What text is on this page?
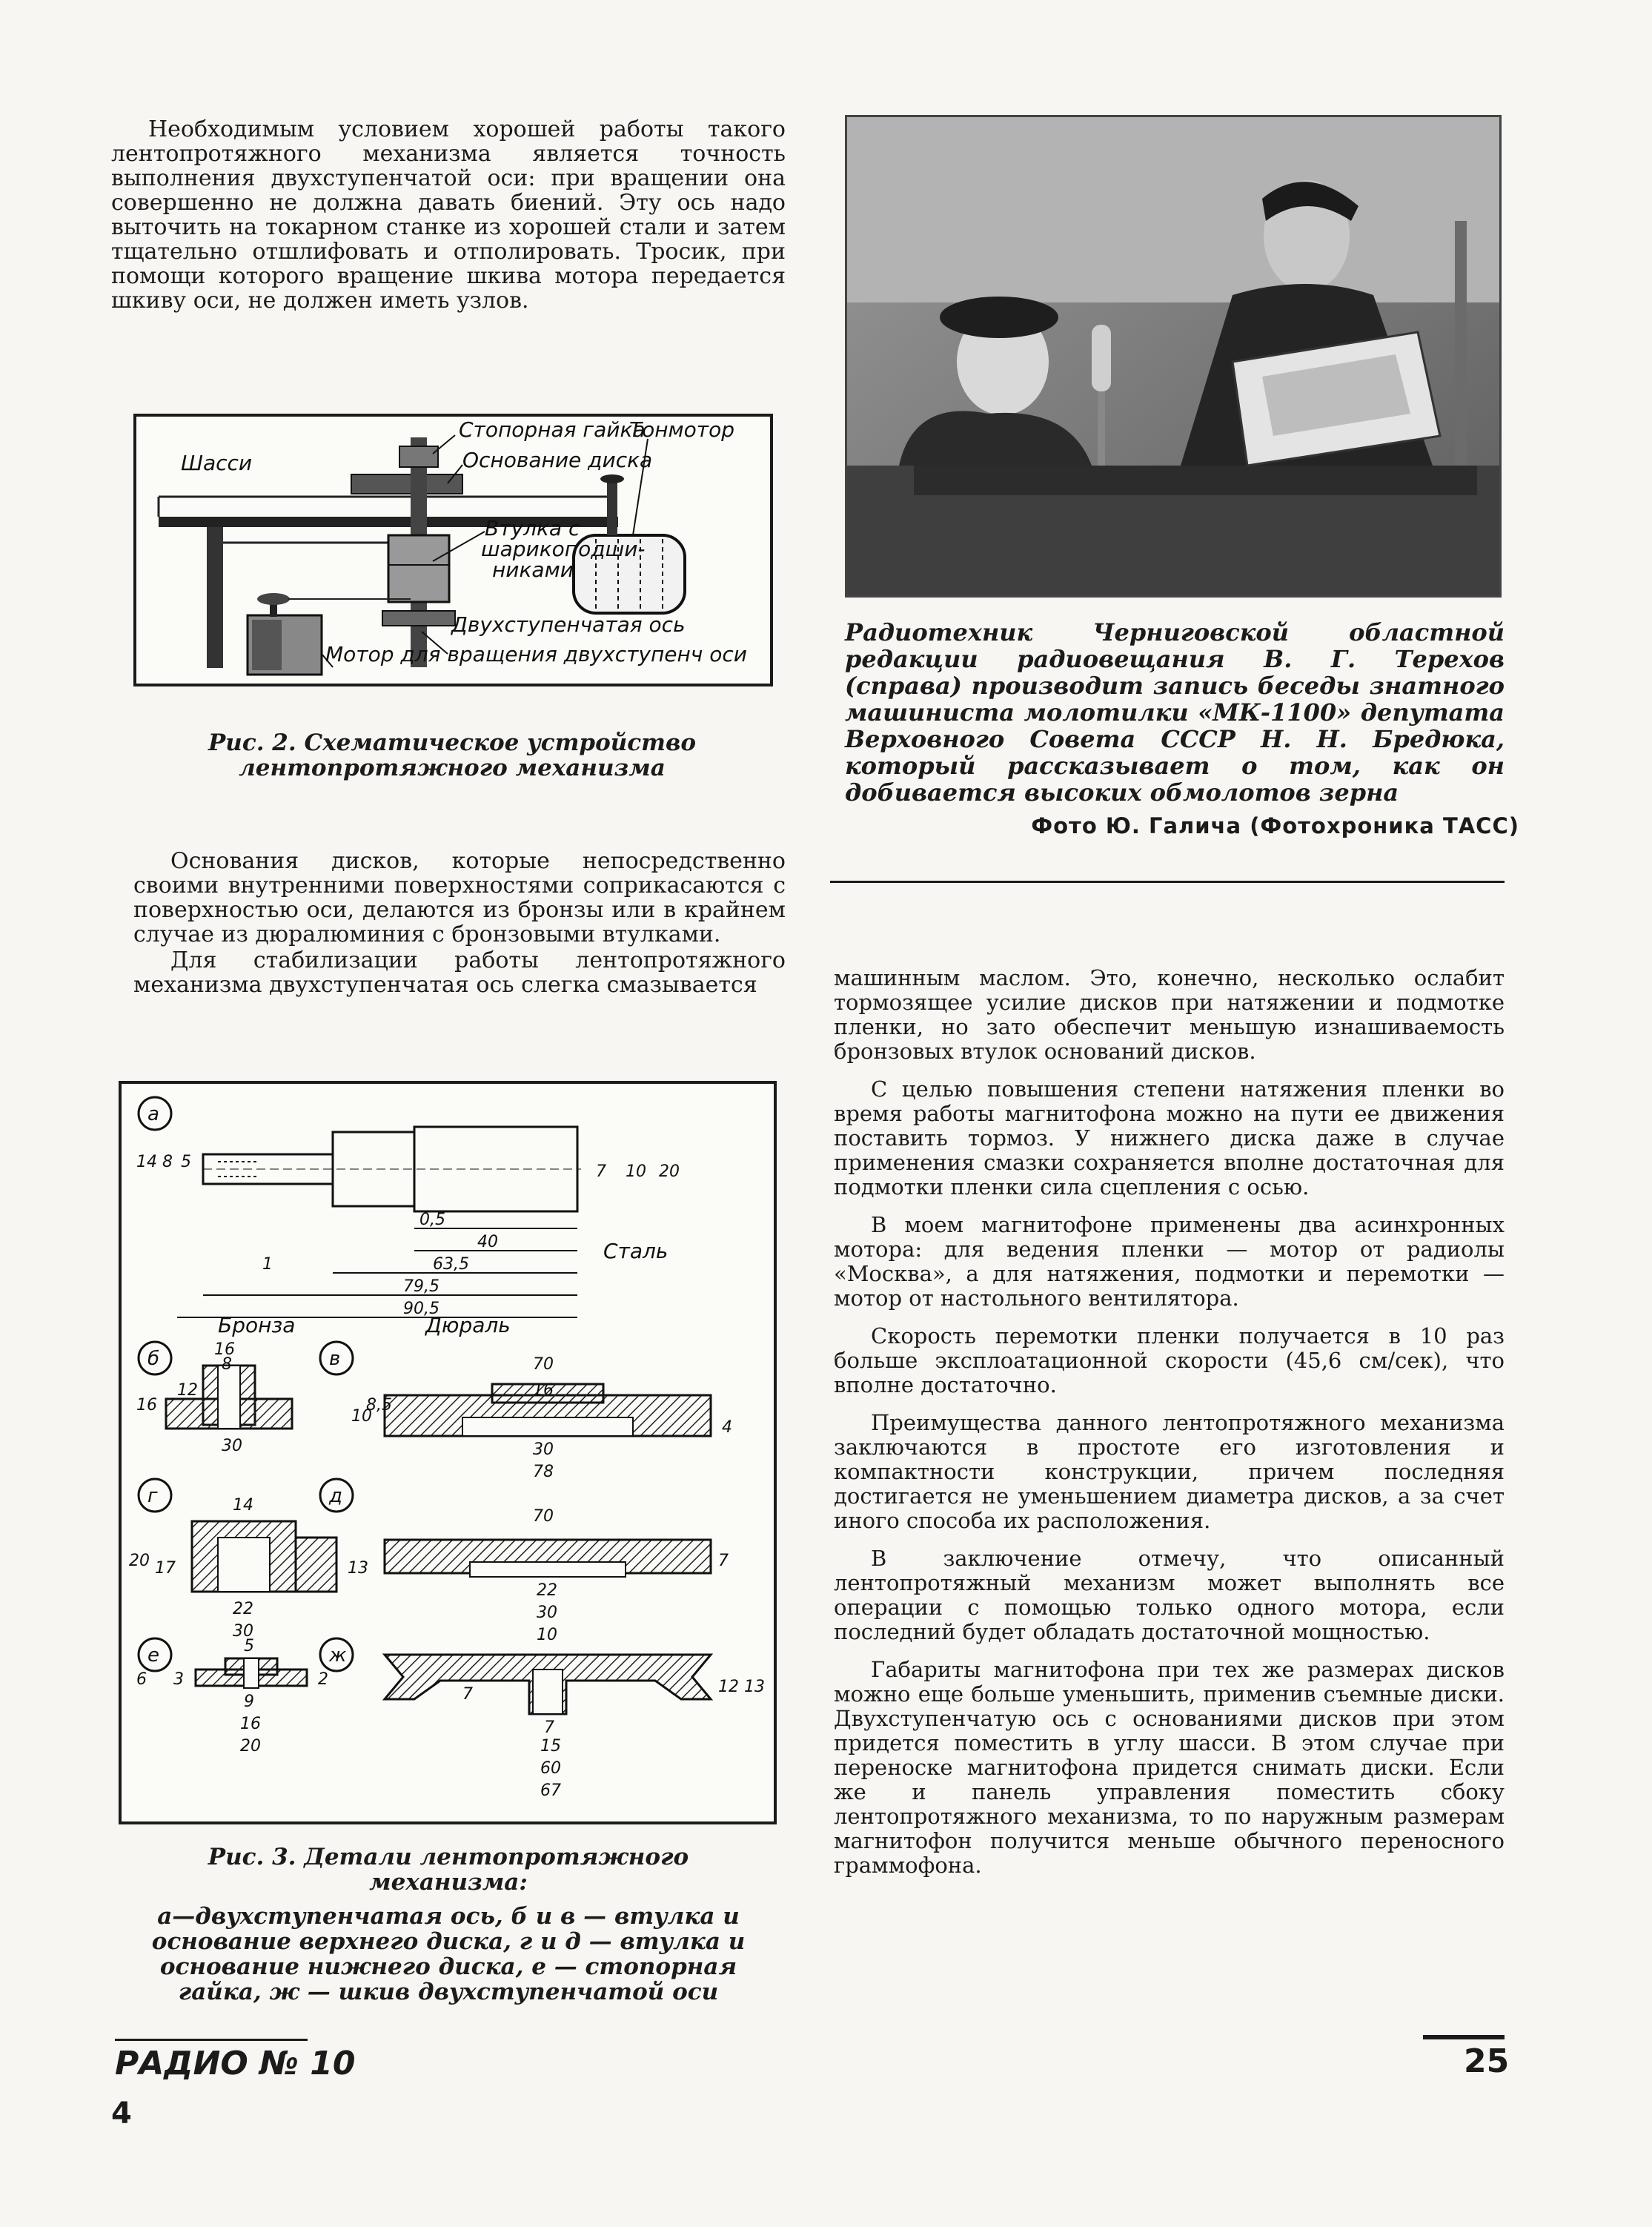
Необходимым условием хорошей работы такого лентопротяжного механизма является точность выполнения двухступенчатой оси: при вращении она совершенно не должна давать биений. Эту ось надо выточить на токарном станке из хорошей стали и затем тщательно отшлифовать и отполировать. Тросик, при помощи которого вращение шкива мотора передается шкиву оси, не должен иметь узлов.

Стопорная гайка
Тонмотор
Основание диска
Шасси
Втулка с
шарикоподши-
никами
Двухступенчатая ось
Мотор для вращения двухступенч оси
Рис. 2. Схематическое устройство лентопротяжного механизма
Радиотехник Черниговской областной редакции радиовещания В. Г. Терехов (справа) производит запись беседы знатного машиниста молотилки «МК-1100» депутата Верховного Совета СССР Н. Н. Бредюка, который рассказывает о том, как он добивается высоких обмолотов зерна
Фото Ю. Галича (Фотохроника ТАСС)

Основания дисков, которые непосредственно своими внутренними поверхностями соприкасаются с поверхностью оси, делаются из бронзы или в крайнем случае из дюралюминия с бронзовыми втулками.

Для стабилизации работы лентопротяжного механизма двухступенчатая ось слегка смазывается	машинным маслом. Это, конечно, несколько ослабит тормозящее усилие дисков при натяжении и подмотке пленки, но зато обеспечит меньшую изнашиваемость бронзовых втулок оснований дисков.

С целью повышения степени натяжения пленки во время работы магнитофона можно на пути ее движения поставить тормоз. У нижнего диска даже в случае применения смазки сохраняется вполне достаточная для подмотки пленки сила сцепления с осью.

В моем магнитофоне применены два асинхронных мотора: для ведения пленки — мотор от радиолы «Москва», а для натяжения, подмотки и перемотки — мотор от настольного вентилятора.

Скорость перемотки пленки получается в 10 раз больше эксплоатационной скорости (45,6 см/сек), что вполне достаточно.

Преимущества данного лентопротяжного механизма заключаются в простоте его изготовления и компактности конструкции, причем последняя достигается не уменьшением диаметра дисков, а за счет иного способа их расположения.

В заключение отмечу, что описанный лентопротяжный механизм может выполнять все операции с помощью только одного мотора, если последний будет обладать достаточной мощностью.

Габариты магнитофона при тех же размерах дисков можно еще больше уменьшить, применив съемные диски. Двухступенчатую ось с основаниями дисков при этом придется поместить в углу шасси. В этом случае при переноске магнитофона придется снимать диски. Если же и панель управления поместить сбоку лентопротяжного механизма, то по наружным размерам магнитофон получится меньше обычного переносного граммофона.

а
14 8 5
7 10 20
0,5
40
63,5
1
79,5
90,5
Сталь
Бронза	Дюраль
б	16
8
16
12
30
в	70
16
10
8,5
30
78
4
г	14
20 17	13
22
30
д
70
22
30
7
е	5
6 3
9
16
20
2
ж
10
7	12 13
7
15
60
67
Рис. 3. Детали лентопротяжного механизма:
а—двухступенчатая ось, б и в — втулка и основание верхнего диска, г и д — втулка и основание нижнего диска, е — стопорная гайка, ж — шкив двухступенчатой оси
РАДИО № 10	25
4
